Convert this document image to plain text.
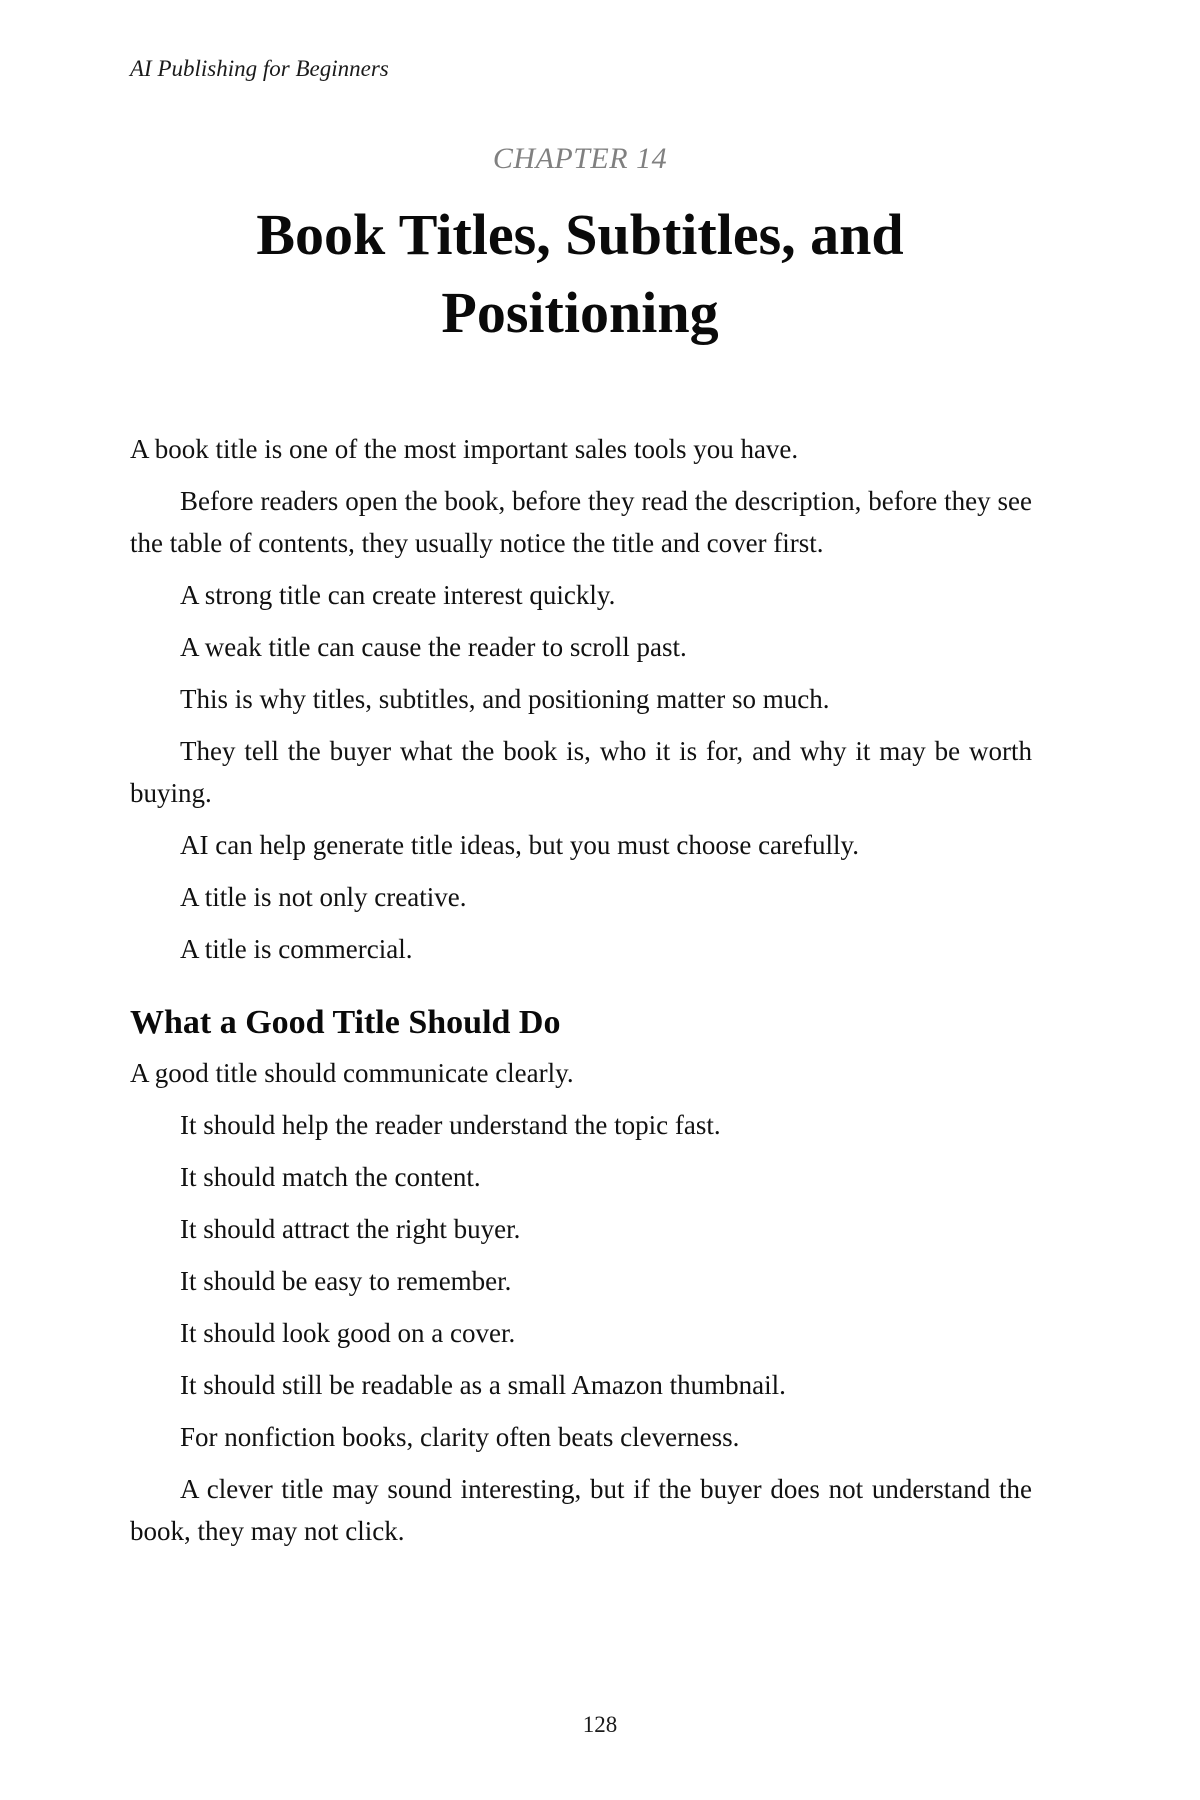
AI Publishing for Beginners
CHAPTER 14
Book Titles, Subtitles, and Positioning

A book title is one of the most important sales tools you have.

Before readers open the book, before they read the description, before they see the table of contents, they usually notice the title and cover first.

A strong title can create interest quickly.

A weak title can cause the reader to scroll past.

This is why titles, subtitles, and positioning matter so much.

They tell the buyer what the book is, who it is for, and why it may be worth buying.

AI can help generate title ideas, but you must choose carefully.

A title is not only creative.

A title is commercial.

What a Good Title Should Do

A good title should communicate clearly.

It should help the reader understand the topic fast.

It should match the content.

It should attract the right buyer.

It should be easy to remember.

It should look good on a cover.

It should still be readable as a small Amazon thumbnail.

For nonfiction books, clarity often beats cleverness.

A clever title may sound interesting, but if the buyer does not understand the book, they may not click.

128
